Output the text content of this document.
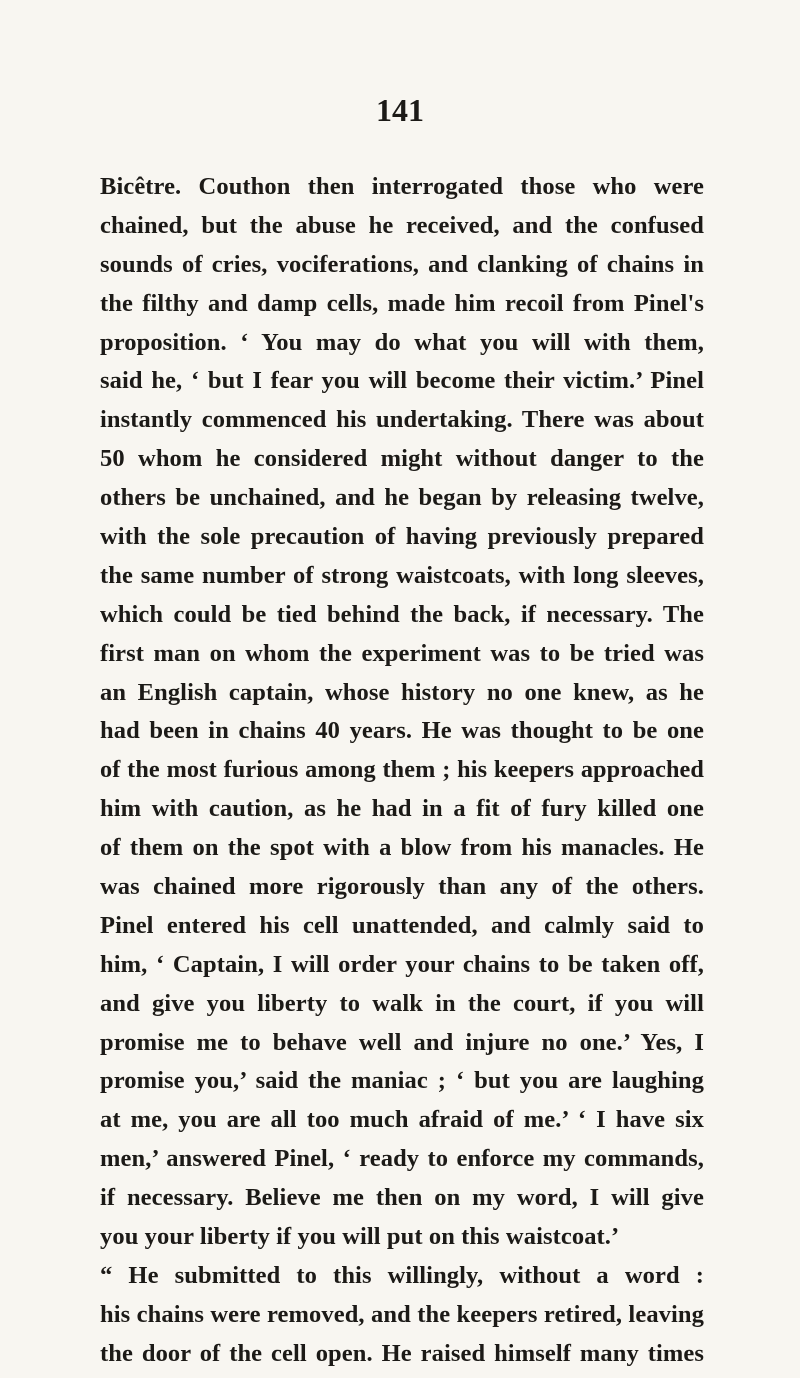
141
Bicêtre. Couthon then interrogated those who were
chained, but the abuse he received, and the confused
sounds of cries, vociferations, and clanking of chains in
the filthy and damp cells, made him recoil from Pinel's
proposition. ‘ You may do what you will with them,
said he, ‘ but I fear you will become their victim.’ Pinel
instantly commenced his undertaking. There was about
50 whom he considered might without danger to the
others be unchained, and he began by releasing twelve,
with the sole precaution of having previously prepared
the same number of strong waistcoats, with long sleeves,
which could be tied behind the back, if necessary. The
first man on whom the experiment was to be tried was
an English captain, whose history no one knew, as he
had been in chains 40 years. He was thought to be one
of the most furious among them ; his keepers approached
him with caution, as he had in a fit of fury killed one
of them on the spot with a blow from his manacles. He
was chained more rigorously than any of the others.
Pinel entered his cell unattended, and calmly said to
him, ‘ Captain, I will order your chains to be taken off,
and give you liberty to walk in the court, if you will
promise me to behave well and injure no one.’ Yes, I
promise you,’ said the maniac ; ‘ but you are laughing
at me, you are all too much afraid of me.’ ‘ I have six
men,’ answered Pinel, ‘ ready to enforce my commands,
if necessary. Believe me then on my word, I will give
you your liberty if you will put on this waistcoat.’
“ He submitted to this willingly, without a word :
his chains were removed, and the keepers retired, leaving
the door of the cell open. He raised himself many times
